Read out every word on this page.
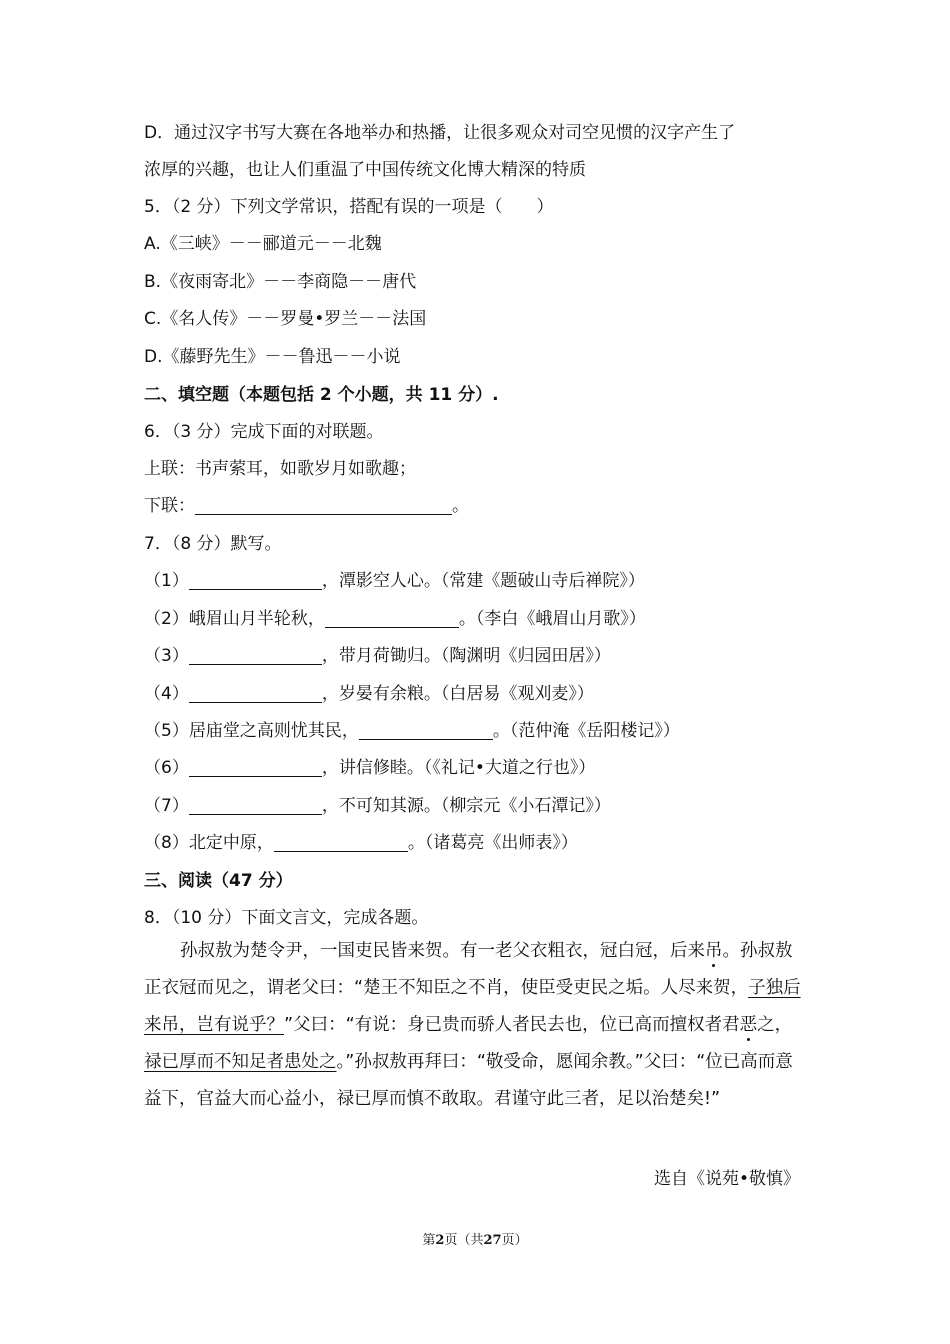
D．通过汉字书写大赛在各地举办和热播，让很多观众对司空见惯的汉字产生了
浓厚的兴趣，也让人们重温了中国传统文化博大精深的特质
5．（2 分）下列文学常识，搭配有误的一项是（　　）
A.《三峡》－－郦道元－－北魏
B.《夜雨寄北》－－李商隐－－唐代
C.《名人传》－－罗曼•罗兰－－法国
D.《藤野先生》－－鲁迅－－小说
二、填空题（本题包括 2 个小题，共 11 分）.
6．（3 分）完成下面的对联题。
上联：书声萦耳，如歌岁月如歌趣；
下联：	。
7．（8 分）默写。
（1）	，潭影空人心。（常建《题破山寺后禅院》）
（2）峨眉山月半轮秋，	。（李白《峨眉山月歌》）
（3）	，带月荷锄归。（陶渊明《归园田居》）
（4）	，岁晏有余粮。（白居易《观刈麦》）
（5）居庙堂之高则忧其民，	。（范仲淹《岳阳楼记》）
（6）	，讲信修睦。（《礼记•大道之行也》）
（7）	，不可知其源。（柳宗元《小石潭记》）
（8）北定中原，	。（诸葛亮《出师表》）
三、阅读（47 分）
8．（10 分）下面文言文，完成各题。
孙叔敖为楚令尹，一国吏民皆来贺。有一老父衣粗衣，冠白冠，后来吊。孙叔敖正衣冠而见之，谓老父曰：“楚王不知臣之不肖，使臣受吏民之垢。人尽来贺，子独后来吊，岂有说乎？”父曰：“有说：身已贵而骄人者民去也，位已高而擅权者君恶之，禄已厚而不知足者患处之。”孙叔敖再拜曰：“敬受命，愿闻余教。”父曰：“位已高而意益下，官益大而心益小，禄已厚而慎不敢取。君谨守此三者，足以治楚矣!”
选自《说苑•敬慎》
第2页（共27页）
